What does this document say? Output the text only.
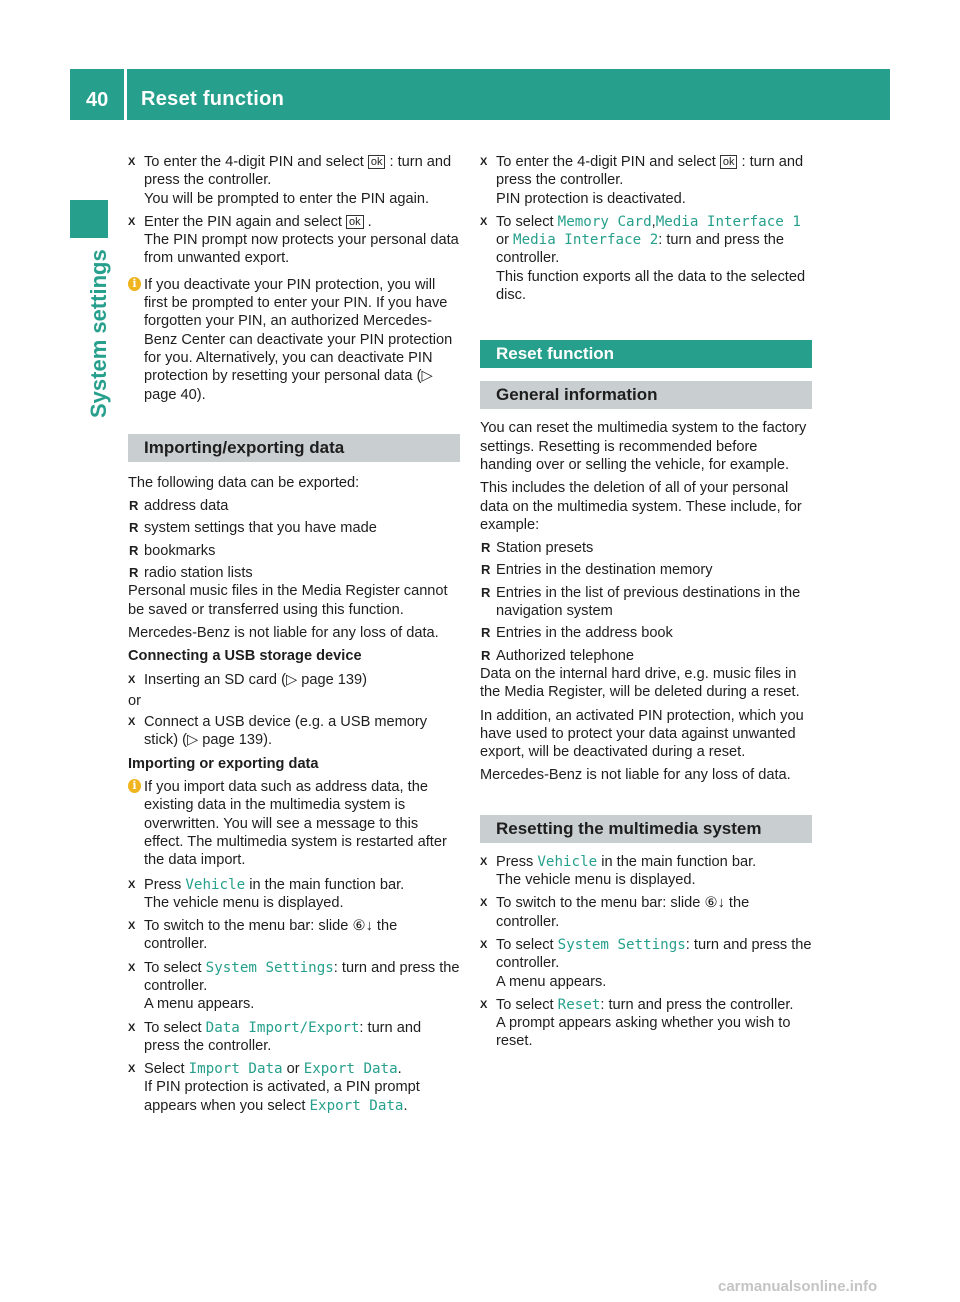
40 Reset function
System settings
X To enter the 4-digit PIN and select ok : turn and press the controller.
You will be prompted to enter the PIN again.
X Enter the PIN again and select ok .
The PIN prompt now protects your personal data from unwanted export.
i If you deactivate your PIN protection, you will first be prompted to enter your PIN. If you have forgotten your PIN, an authorized Mercedes-Benz Center can deactivate your PIN protection for you. Alternatively, you can deactivate PIN protection by resetting your personal data (▷ page 40).
Importing/exporting data

The following data can be exported:

R address data
R system settings that you have made
R bookmarks
R radio station lists

Personal music files in the Media Register cannot be saved or transferred using this function.

Mercedes-Benz is not liable for any loss of data.

Connecting a USB storage device

X Inserting an SD card (▷ page 139)

or

X Connect a USB device (e.g. a USB memory stick) (▷ page 139).

Importing or exporting data

i If you import data such as address data, the existing data in the multimedia system is overwritten. You will see a message to this effect. The multimedia system is restarted after the data import.
X Press Vehicle in the main function bar.
The vehicle menu is displayed.
X To switch to the menu bar: slide ⑥↓ the controller.
X To select System Settings: turn and press the controller.
A menu appears.
X To select Data Import/Export: turn and press the controller.
X Select Import Data or Export Data.
If PIN protection is activated, a PIN prompt appears when you select Export Data.
X To enter the 4-digit PIN and select ok : turn and press the controller.
PIN protection is deactivated.
X To select Memory Card,Media Interface 1
or Media Interface 2: turn and press the controller.
This function exports all the data to the selected disc.
Reset function
General information

You can reset the multimedia system to the factory settings. Resetting is recommended before handing over or selling the vehicle, for example.

This includes the deletion of all of your personal data on the multimedia system. These include, for example:

R Station presets
R Entries in the destination memory
R Entries in the list of previous destinations in the navigation system
R Entries in the address book
R Authorized telephone

Data on the internal hard drive, e.g. music files in the Media Register, will be deleted during a reset.

In addition, an activated PIN protection, which you have used to protect your data against unwanted export, will be deactivated during a reset.

Mercedes-Benz is not liable for any loss of data.

Resetting the multimedia system
X Press Vehicle in the main function bar.
The vehicle menu is displayed.
X To switch to the menu bar: slide ⑥↓ the controller.
X To select System Settings: turn and press the controller.
A menu appears.
X To select Reset: turn and press the controller.
A prompt appears asking whether you wish to reset.
carmanualsonline.info
